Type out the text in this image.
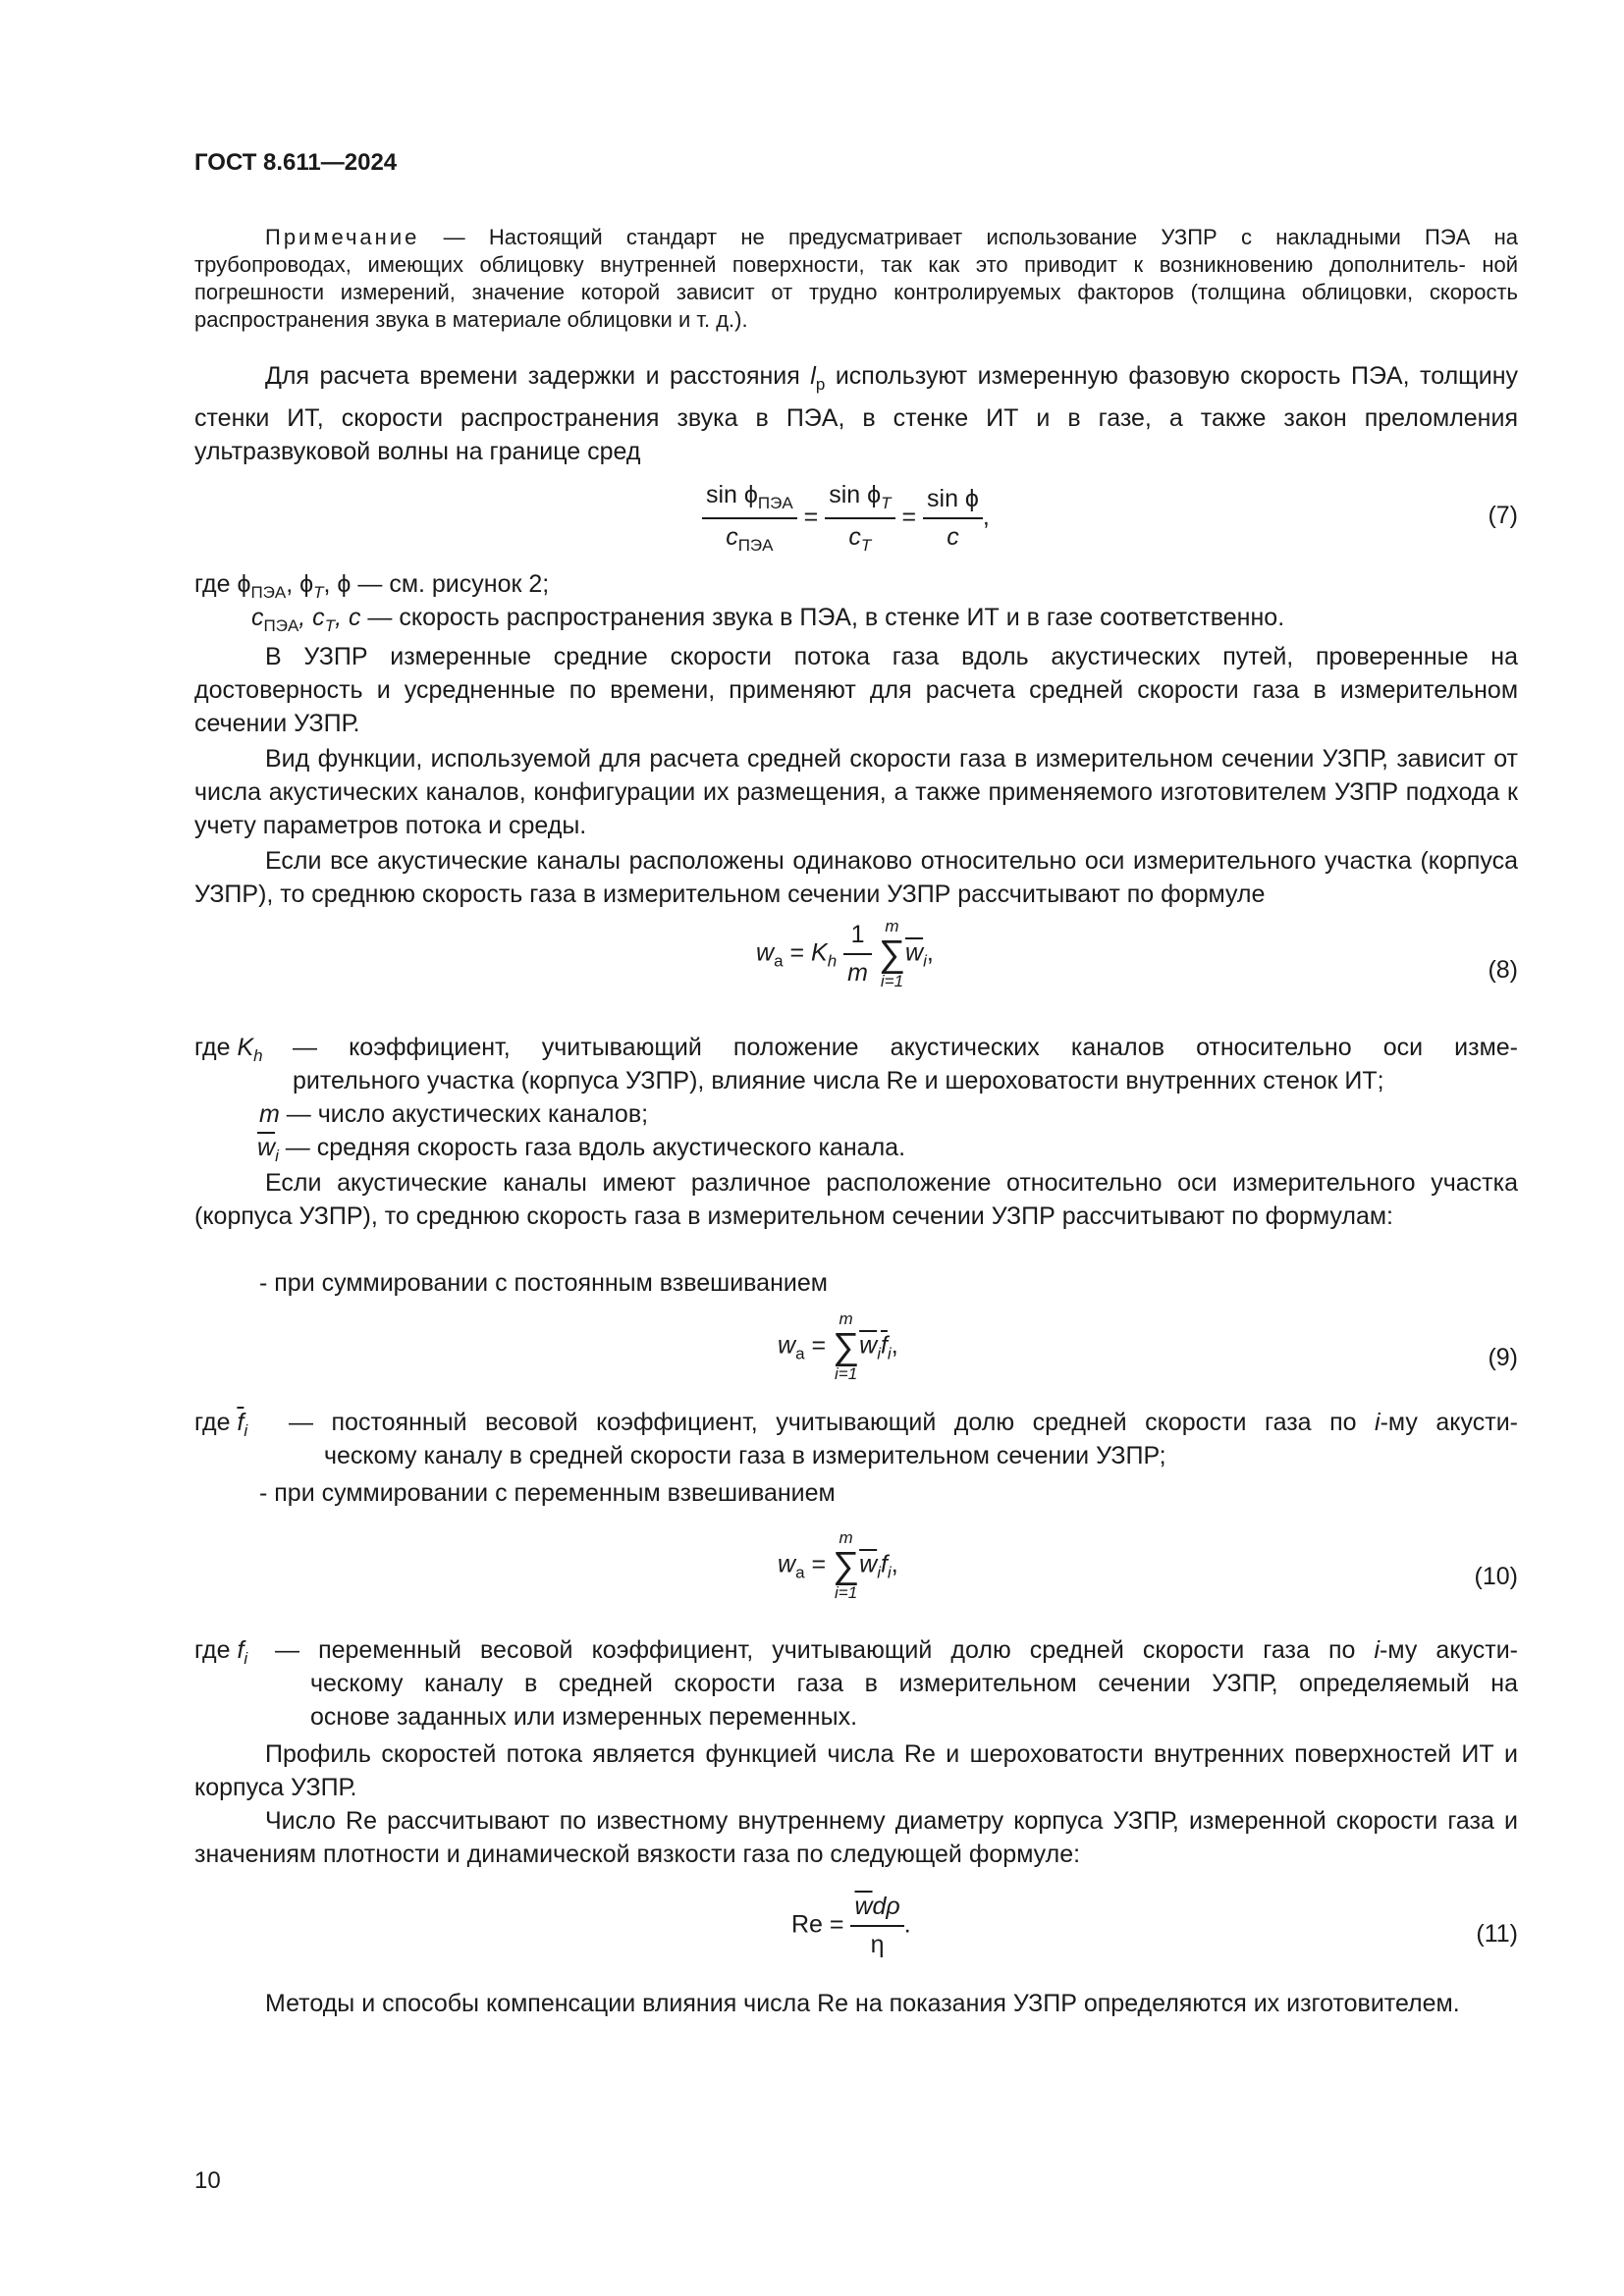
ГОСТ 8.611—2024
Примечание — Настоящий стандарт не предусматривает использование УЗПР с накладными ПЭА на
трубопроводах, имеющих облицовку внутренней поверхности, так как это приводит к возникновению дополнитель- ной погрешности измерений, значение которой зависит от трудно контролируемых факторов (толщина облицовки, скорость распространения звука в материале облицовки и т. д.).
Для расчета времени задержки и расстояния $l_р$ используют измеренную фазовую скорость ПЭА, толщину стенки ИТ, скорости распространения звука в ПЭА, в стенке ИТ и в газе, а также закон преломления ультразвуковой волны на границе сред
$\frac{\sin \phi_{ПЭА}}{c_{ПЭА}} = \frac{\sin \phi_T}{c_T} = \frac{\text{sin ϕ}}{c}$ ,	(7)
где $\phi_{ПЭА}$, $\phi_T$, ϕ — см. рисунок 2;
$c_{ПЭА}$, $c_T$, c — скорость распространения звука в ПЭА, в стенке ИТ и в газе соответственно.
В УЗПР измеренные средние скорости потока газа вдоль акустических путей, проверенные на достоверность и усредненные по времени, применяют для расчета средней скорости газа в измерительном сечении УЗПР.
Вид функции, используемой для расчета средней скорости газа в измерительном сечении УЗПР, зависит от числа акустических каналов, конфигурации их размещения, а также применяемого изготовителем УЗПР подхода к учету параметров потока и среды.
Если все акустические каналы расположены одинаково относительно оси измерительного участка (корпуса УЗПР), то среднюю скорость газа в измерительном сечении УЗПР рассчитывают по формуле
$w_a = K_h \frac{1}{m}$
m
∑
i=1
$\overline{w}_i$,
(8)
где $K_h$ — коэффициент, учитывающий положение акустических каналов относительно оси изме-
рительного участка (корпуса УЗПР), влияние числа Re и шероховатости внутренних стенок ИТ;
m — число акустических каналов;
$\overline{w}_i$ — средняя скорость газа вдоль акустического канала.
Если акустические каналы имеют различное расположение относительно оси измерительного участка (корпуса УЗПР), то среднюю скорость газа в измерительном сечении УЗПР рассчитывают по формулам:
- при суммировании с постоянным взвешиванием
$w_a$ =
m
∑
i=1
$\overline{w}_i\overline{f}_i$,	(9)
где $\overline{f}_i$ — постоянный весовой коэффициент, учитывающий долю средней скорости газа по i-му акусти-
ческому каналу в средней скорости газа в измерительном сечении УЗПР;
- при суммировании с переменным взвешиванием
$w_a$ =
m
∑
i=1
$\overline{w}_if_i$,	(10)
где $f_i$ — переменный весовой коэффициент, учитывающий долю средней скорости газа по i-му акусти-
ческому каналу в средней скорости газа в измерительном сечении УЗПР, определяемый на
основе заданных или измеренных переменных.
Профиль скоростей потока является функцией числа Re и шероховатости внутренних поверхностей ИТ и корпуса УЗПР.
Число Re рассчитывают по известному внутреннему диаметру корпуса УЗПР, измеренной скорости газа и значениям плотности и динамической вязкости газа по следующей формуле:
$Re = \frac{\overline{w}d\rho}{\eta}$ .	(11)
Методы и способы компенсации влияния числа Re на показания УЗПР определяются их изготовителем.
10
